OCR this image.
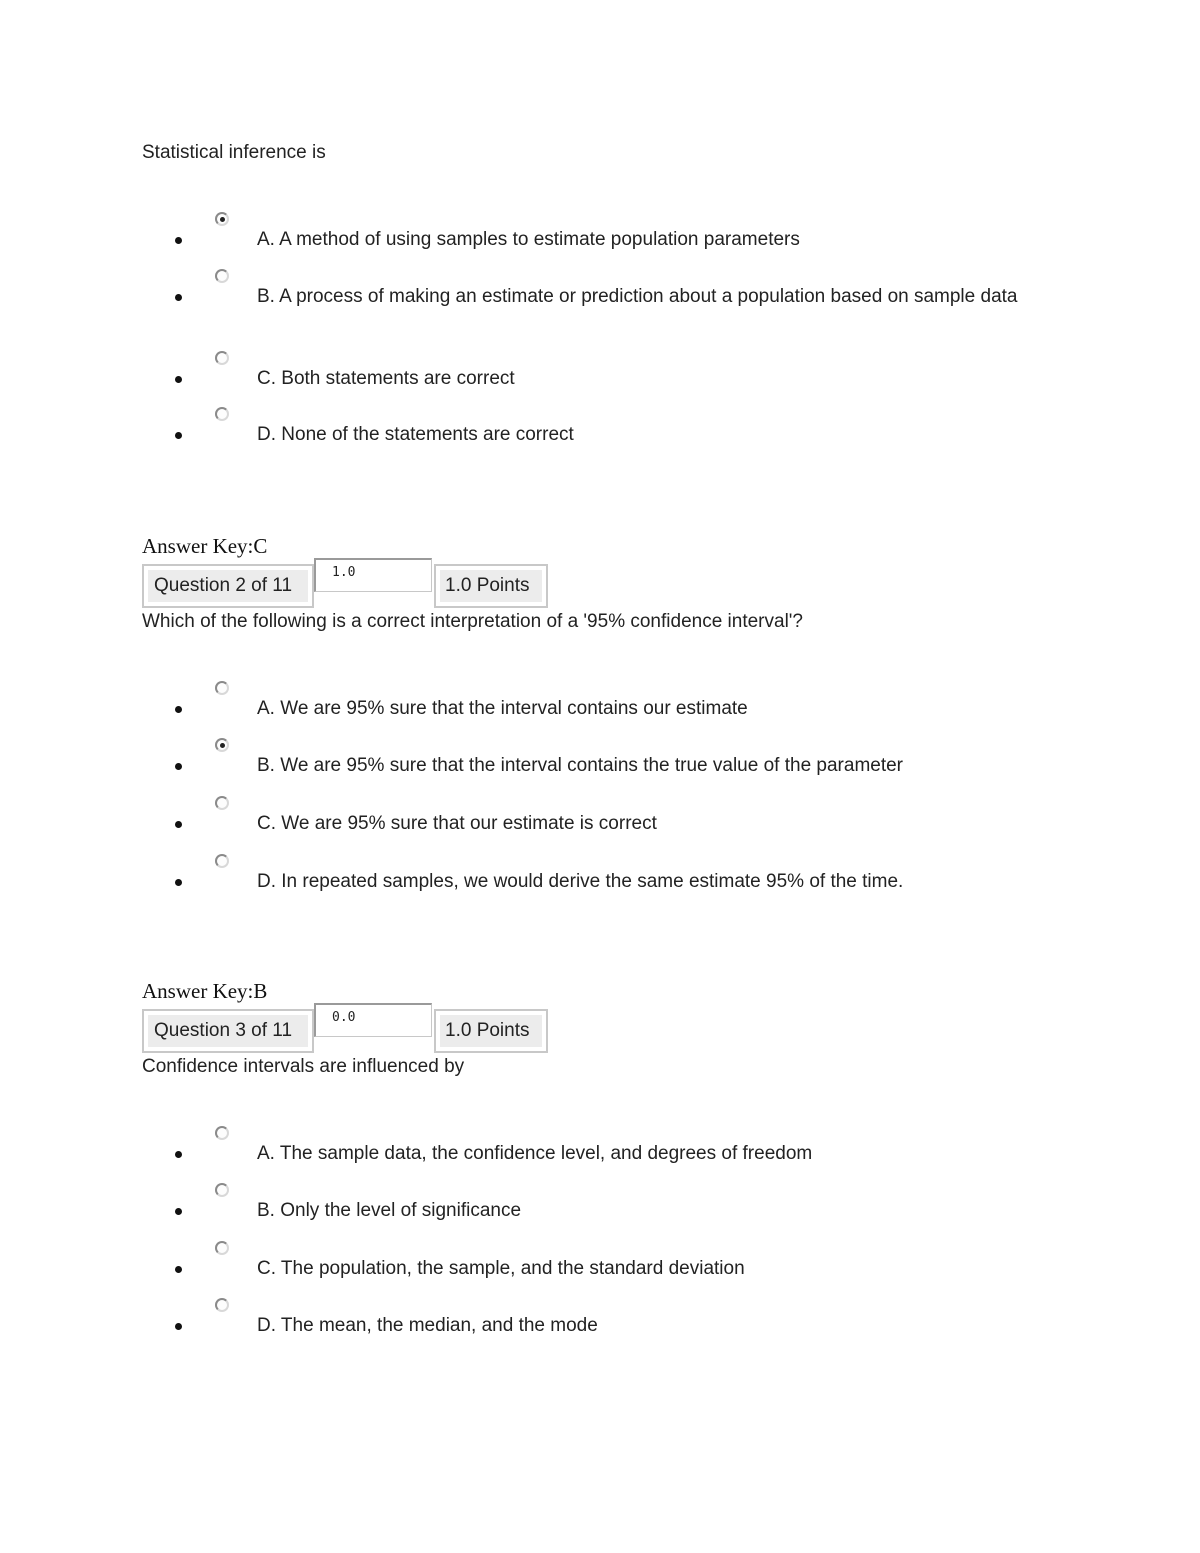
Statistical inference is
A. A method of using samples to estimate population parameters
B. A process of making an estimate or prediction about a population based on sample data
C. Both statements are correct
D. None of the statements are correct
Answer Key:C
Question 2 of 11
1.0
1.0 Points
Which of the following is a correct interpretation of a '95% confidence interval'?
A. We are 95% sure that the interval contains our estimate
B. We are 95% sure that the interval contains the true value of the parameter
C. We are 95% sure that our estimate is correct
D. In repeated samples, we would derive the same estimate 95% of the time.
Answer Key:B
Question 3 of 11
0.0
1.0 Points
Confidence intervals are influenced by
A. The sample data, the confidence level, and degrees of freedom
B. Only the level of significance
C. The population, the sample, and the standard deviation
D. The mean, the median, and the mode
